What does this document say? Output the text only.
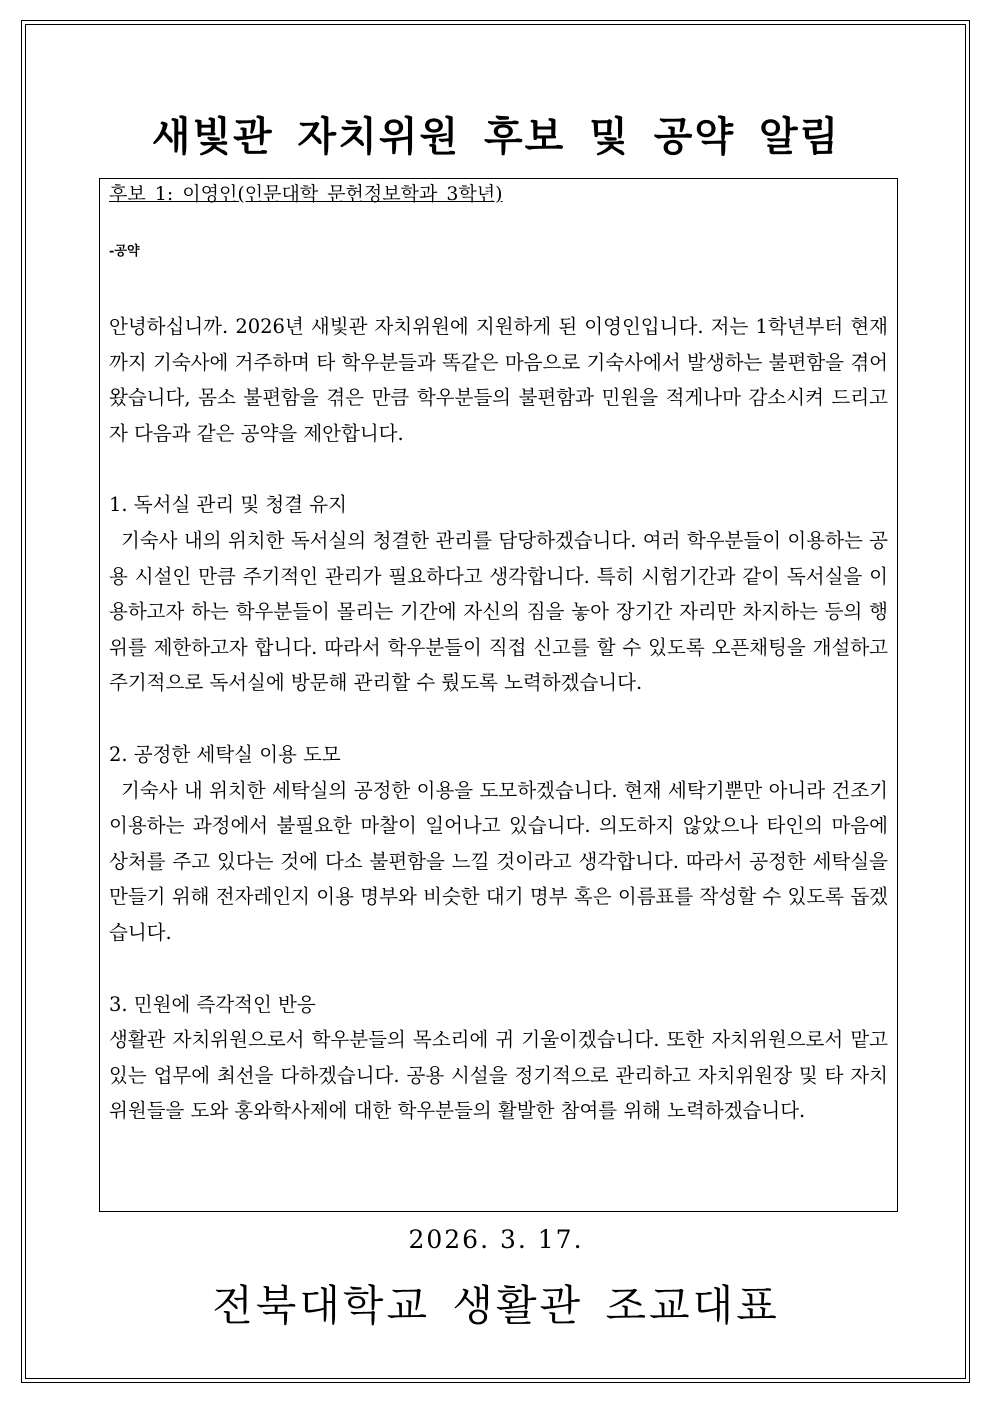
새빛관 자치위원 후보 및 공약 알림
후보 1: 이영인(인문대학 문헌정보학과 3학년)
-공약

안녕하십니까. 2026년 새빛관 자치위원에 지원하게 된 이영인입니다. 저는 1학년부터 현재까지 기숙사에 거주하며 타 학우분들과 똑같은 마음으로 기숙사에서 발생하는 불편함을 겪어왔습니다, 몸소 불편함을 겪은 만큼 학우분들의 불편함과 민원을 적게나마 감소시켜 드리고자 다음과 같은 공약을 제안합니다.

1. 독서실 관리 및 청결 유지

기숙사 내의 위치한 독서실의 청결한 관리를 담당하겠습니다. 여러 학우분들이 이용하는 공용 시설인 만큼 주기적인 관리가 필요하다고 생각합니다. 특히 시험기간과 같이 독서실을 이용하고자 하는 학우분들이 몰리는 기간에 자신의 짐을 놓아 장기간 자리만 차지하는 등의 행위를 제한하고자 합니다. 따라서 학우분들이 직접 신고를 할 수 있도록 오픈채팅을 개설하고 주기적으로 독서실에 방문해 관리할 수 뤘도록 노력하겠습니다.

2. 공정한 세탁실 이용 도모

기숙사 내 위치한 세탁실의 공정한 이용을 도모하겠습니다. 현재 세탁기뿐만 아니라 건조기 이용하는 과정에서 불필요한 마찰이 일어나고 있습니다. 의도하지 않았으나 타인의 마음에 상처를 주고 있다는 것에 다소 불편함을 느낄 것이라고 생각합니다. 따라서 공정한 세탁실을 만들기 위해 전자레인지 이용 명부와 비슷한 대기 명부 혹은 이름표를 작성할 수 있도록 돕겠습니다.

3. 민원에 즉각적인 반응

생활관 자치위원으로서 학우분들의 목소리에 귀 기울이겠습니다. 또한 자치위원으로서 맡고 있는 업무에 최선을 다하겠습니다. 공용 시설을 정기적으로 관리하고 자치위원장 및 타 자치위원들을 도와 홍와학사제에 대한 학우분들의 활발한 참여를 위해 노력하겠습니다.

2026. 3. 17.
전북대학교 생활관 조교대표
